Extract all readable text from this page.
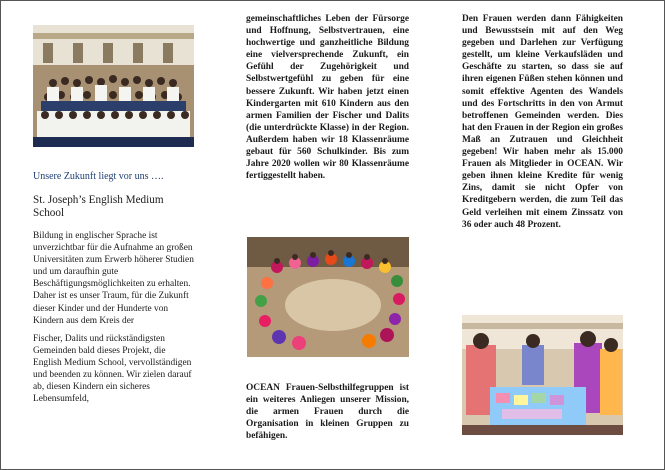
Unsere Zukunft liegt vor uns ….
St. Joseph’s English Medium School

Bildung in englischer Sprache ist unverzichtbar für die Aufnahme an großen Universitäten zum Erwerb höherer Studien und um daraufhin gute Beschäftigungsmöglichkeiten zu erhalten. Daher ist es unser Traum, für die Zukunft dieser Kinder und der Hunderte von Kindern aus dem Kreis der

Fischer, Dalits und rückständigsten Gemeinden bald dieses Projekt, die English Medium School, vervollständigen und beenden zu können. Wir zielen darauf ab, diesen Kindern ein sicheres Lebensumfeld,

gemeinschaftliches Leben der Fürsorge und Hoffnung, Selbstvertrauen, eine hochwertige und ganzheitliche Bildung eine vielversprechende Zukunft, ein Gefühl der Zugehörigkeit und Selbstwertgefühl zu geben für eine bessere Zukunft. Wir haben jetzt einen Kindergarten mit 610 Kindern aus den armen Familien der Fischer und Dalits (die unterdrückte Klasse) in der Region. Außerdem haben wir 18 Klassenräume gebaut für 560 Schulkinder. Bis zum Jahre 2020 wollen wir 80 Klassenräume fertiggestellt haben.
OCEAN Frauen-Selbsthilfegruppen ist ein weiteres Anliegen unserer Mission, die armen Frauen durch die Organisation in kleinen Gruppen zu befähigen.
Den Frauen werden dann Fähigkeiten und Bewusstsein mit auf den Weg gegeben und Darlehen zur Verfügung gestellt, um kleine Verkaufsläden und Geschäfte zu starten, so dass sie auf ihren eigenen Füßen stehen können und somit effektive Agenten des Wandels und des Fortschritts in den von Armut betroffenen Gemeinden werden. Dies hat den Frauen in der Region ein großes Maß an Zutrauen und Gleichheit gegeben! Wir haben mehr als 15.000 Frauen als Mitglieder in OCEAN. Wir geben ihnen kleine Kredite für wenig Zins, damit sie nicht Opfer von Kreditgebern werden, die zum Teil das Geld verleihen mit einem Zinssatz von 36 oder auch 48 Prozent.
